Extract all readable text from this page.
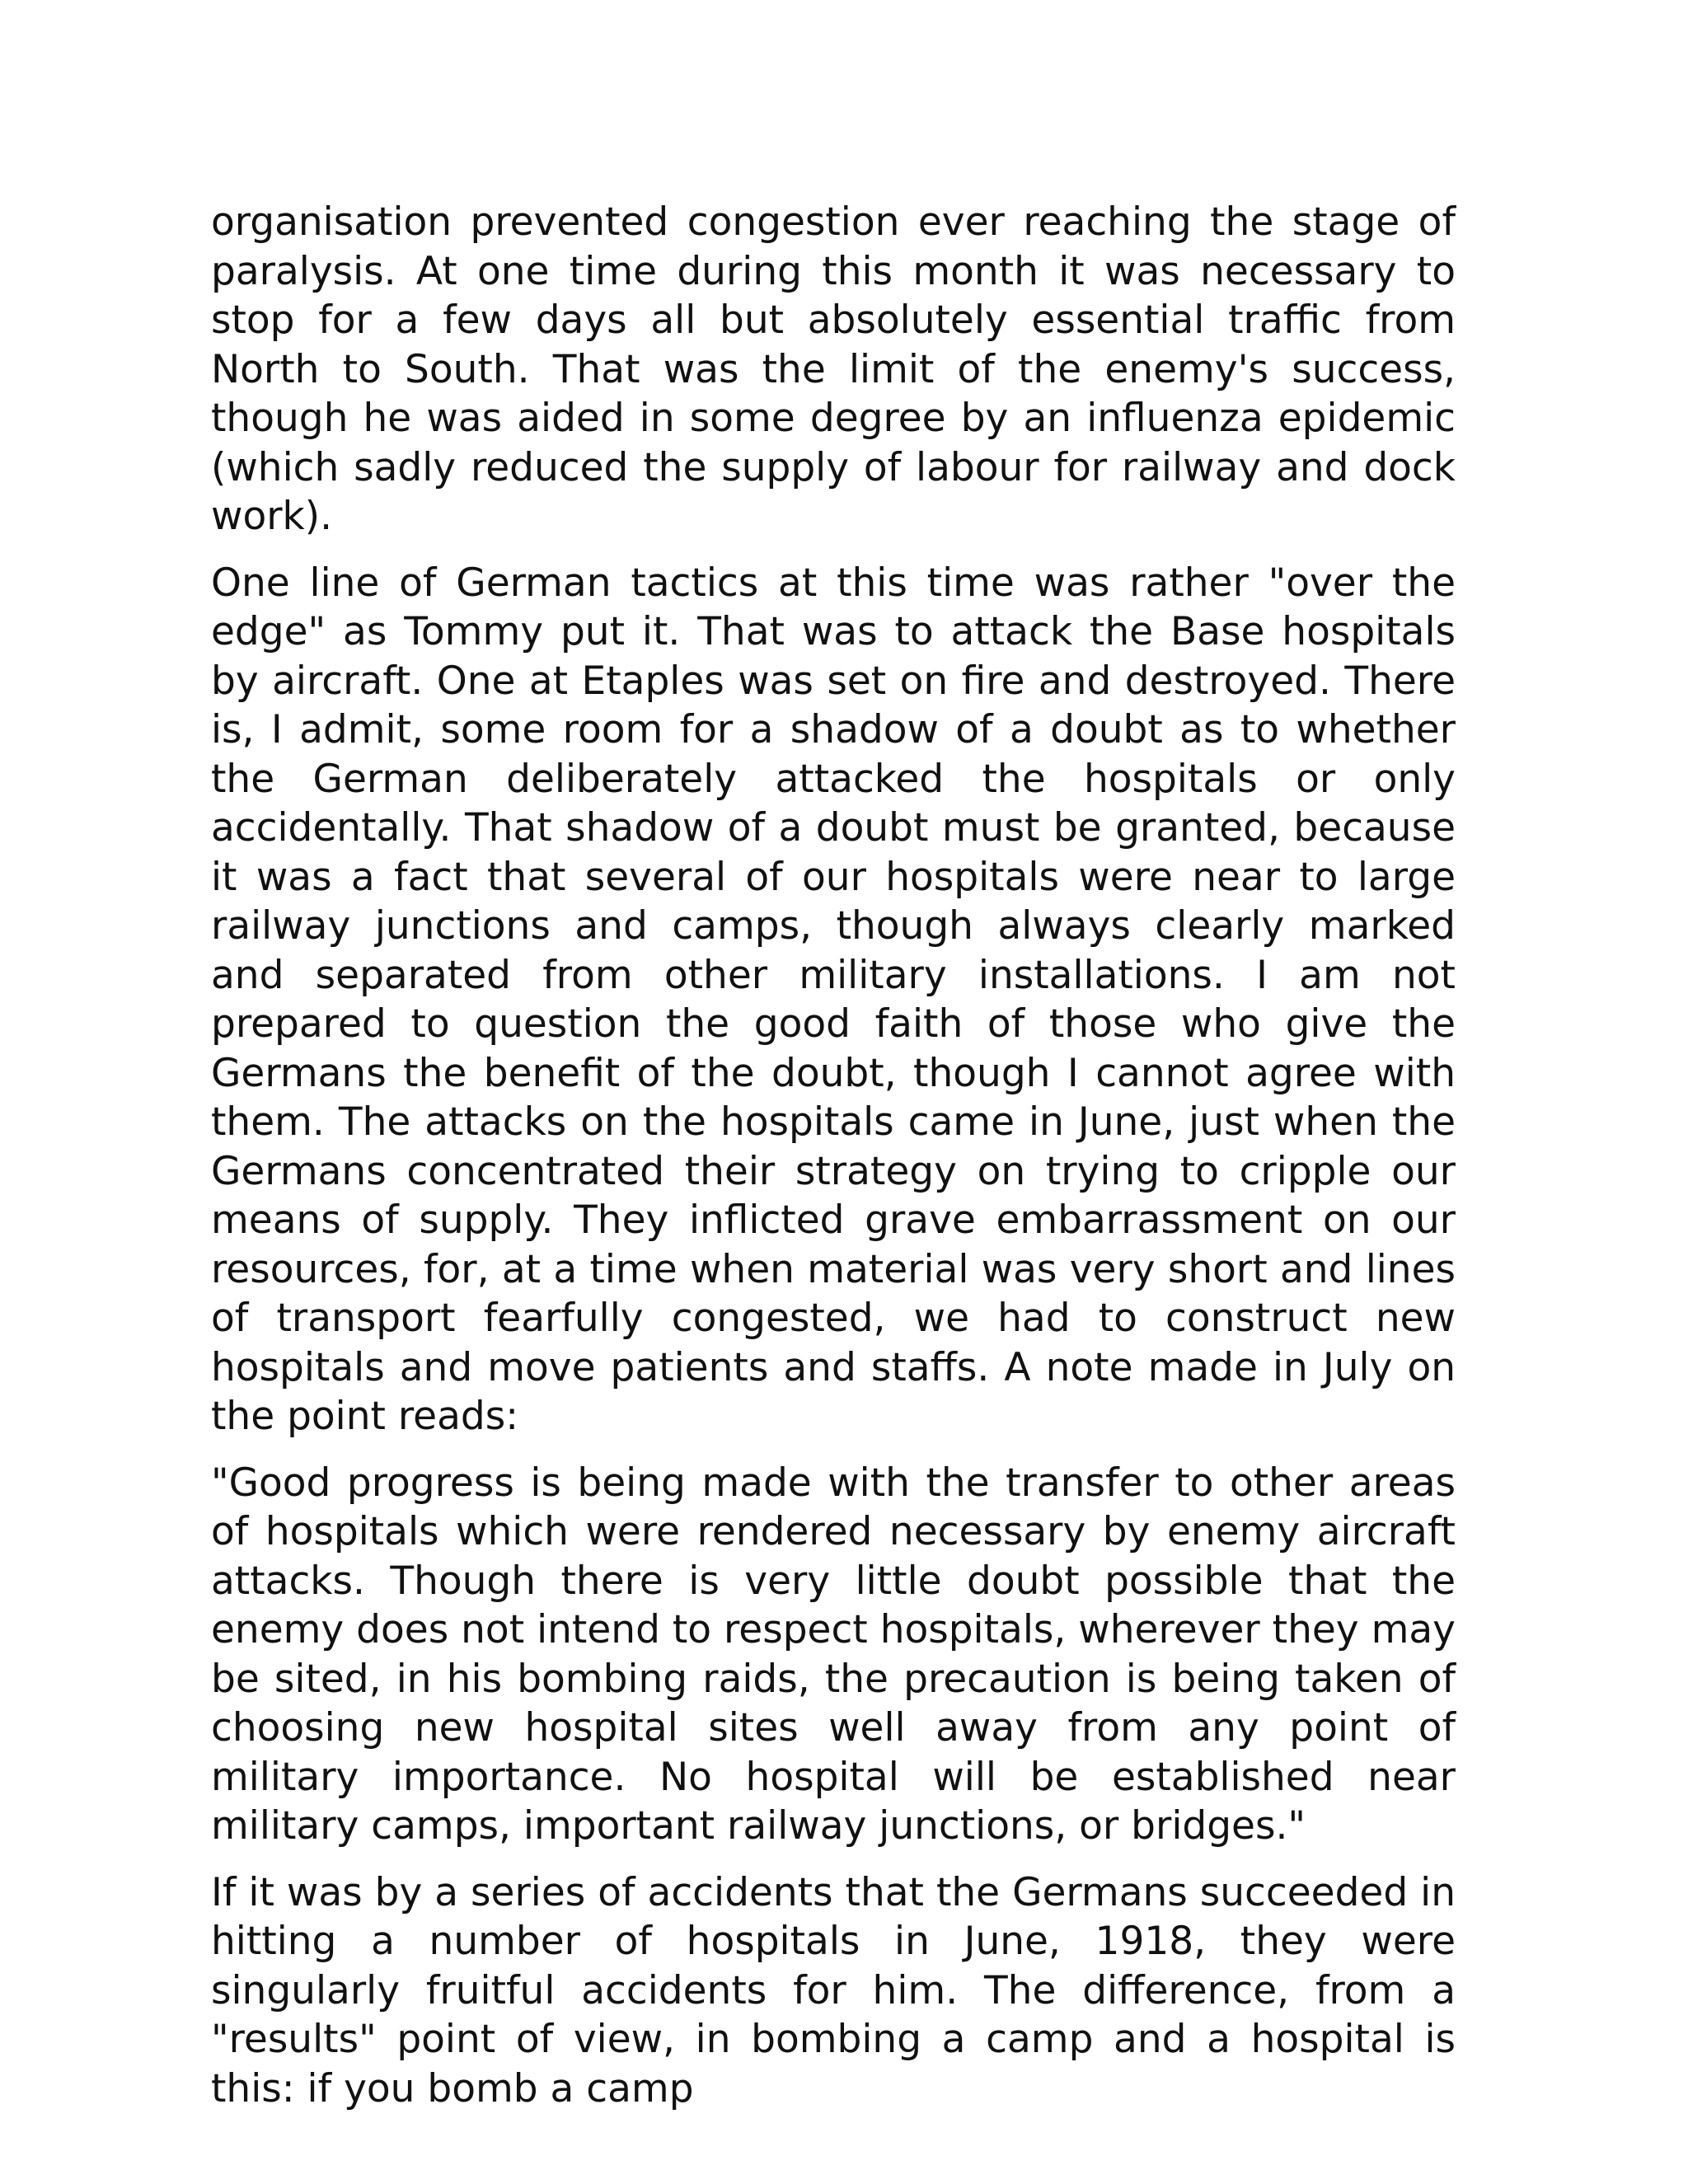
organisation prevented congestion ever reaching the stage of paralysis. At one time during this month it was necessary to stop for a few days all but absolutely essential traffic from North to South. That was the limit of the enemy's success, though he was aided in some degree by an influenza epidemic (which sadly reduced the supply of labour for railway and dock work).

One line of German tactics at this time was rather "over the edge" as Tommy put it. That was to attack the Base hospitals by aircraft. One at Etaples was set on fire and destroyed. There is, I admit, some room for a shadow of a doubt as to whether the German deliberately attacked the hospitals or only accidentally. That shadow of a doubt must be granted, because it was a fact that several of our hospitals were near to large railway junctions and camps, though always clearly marked and separated from other military installations. I am not prepared to question the good faith of those who give the Germans the benefit of the doubt, though I cannot agree with them. The attacks on the hospitals came in June, just when the Germans concentrated their strategy on trying to cripple our means of supply. They inflicted grave embarrassment on our resources, for, at a time when material was very short and lines of transport fearfully congested, we had to construct new hospitals and move patients and staffs. A note made in July on the point reads:

"Good progress is being made with the transfer to other areas of hospitals which were rendered necessary by enemy aircraft attacks. Though there is very little doubt possible that the enemy does not intend to respect hospitals, wherever they may be sited, in his bombing raids, the precaution is being taken of choosing new hospital sites well away from any point of military importance. No hospital will be established near military camps, important railway junctions, or bridges."

If it was by a series of accidents that the Germans succeeded in hitting a number of hospitals in June, 1918, they were singularly fruitful accidents for him. The difference, from a "results" point of view, in bombing a camp and a hospital is this: if you bomb a camp
